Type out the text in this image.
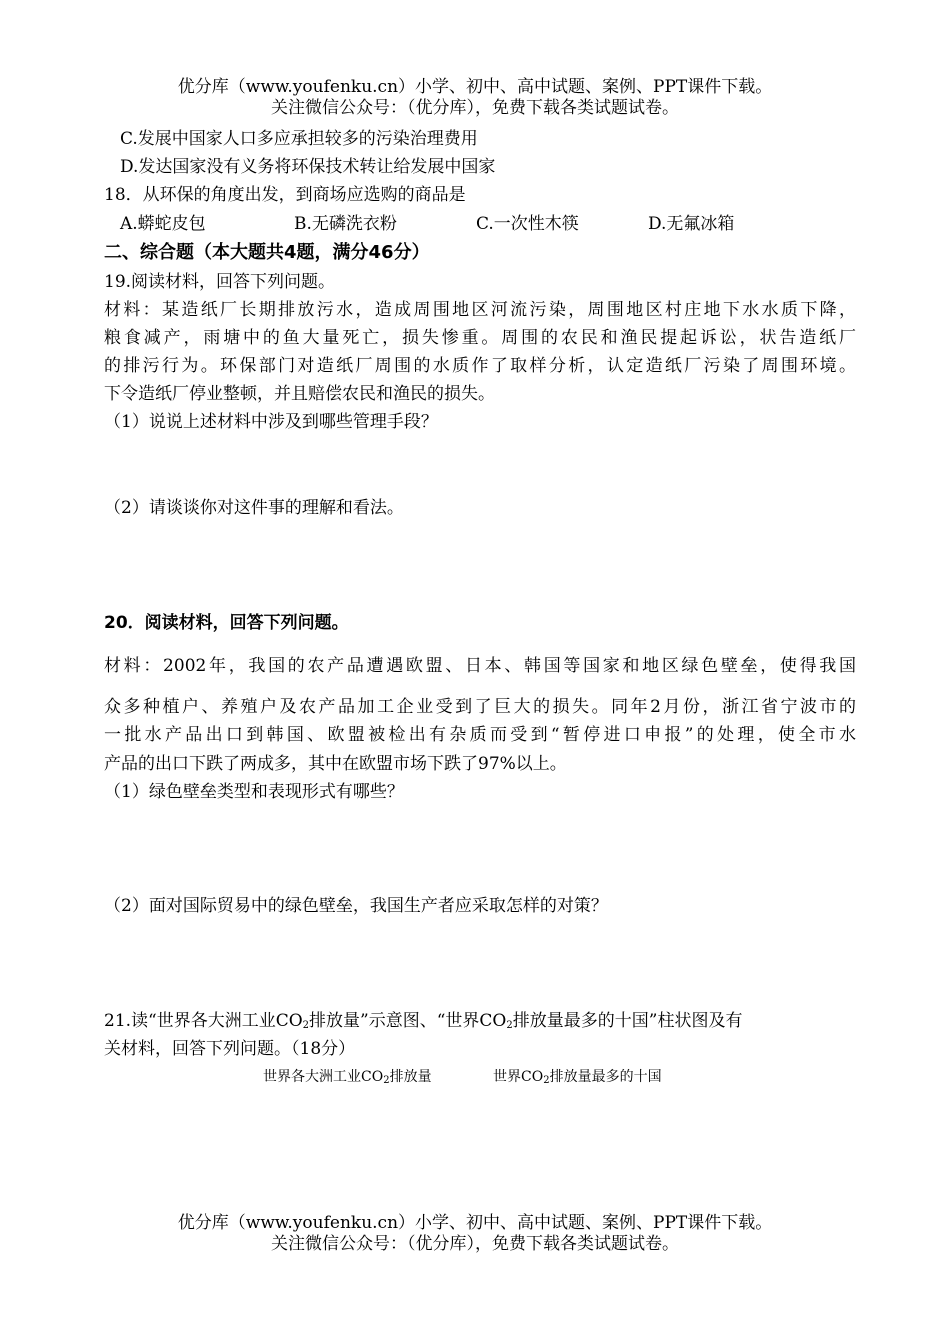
优分库（www.youfenku.cn）小学、初中、高中试题、案例、PPT课件下载。
关注微信公众号：（优分库），免费下载各类试题试卷。
C.发展中国家人口多应承担较多的污染治理费用
D.发达国家没有义务将环保技术转让给发展中国家
18．从环保的角度出发，到商场应选购的商品是
A.蟒蛇皮包	B.无磷洗衣粉	C.一次性木筷	D.无氟冰箱
二、综合题（本大题共4题，满分46分）
19.阅读材料，回答下列问题。
材料：某造纸厂长期排放污水，造成周围地区河流污染，周围地区村庄地下水水质下降，
粮食减产，雨塘中的鱼大量死亡，损失惨重。周围的农民和渔民提起诉讼，状告造纸厂
的排污行为。环保部门对造纸厂周围的水质作了取样分析，认定造纸厂污染了周围环境。
下令造纸厂停业整顿，并且赔偿农民和渔民的损失。
（1）说说上述材料中涉及到哪些管理手段？
（2）请谈谈你对这件事的理解和看法。
20．阅读材料，回答下列问题。
材料：2002年，我国的农产品遭遇欧盟、日本、韩国等国家和地区绿色壁垒，使得我国
众多种植户、养殖户及农产品加工企业受到了巨大的损失。同年2月份，浙江省宁波市的
一批水产品出口到韩国、欧盟被检出有杂质而受到“暂停进口申报”的处理，使全市水
产品的出口下跌了两成多，其中在欧盟市场下跌了97%以上。
（1）绿色壁垒类型和表现形式有哪些？
（2）面对国际贸易中的绿色壁垒，我国生产者应采取怎样的对策？
21.读“世界各大洲工业$CO_2$排放量”示意图、“世界$CO_2$排放量最多的十国”柱状图及有
关材料，回答下列问题。（18分）
世界各大洲工业$CO_2$排放量	世界$CO_2$排放量最多的十国
优分库（www.youfenku.cn）小学、初中、高中试题、案例、PPT课件下载。
关注微信公众号：（优分库），免费下载各类试题试卷。
